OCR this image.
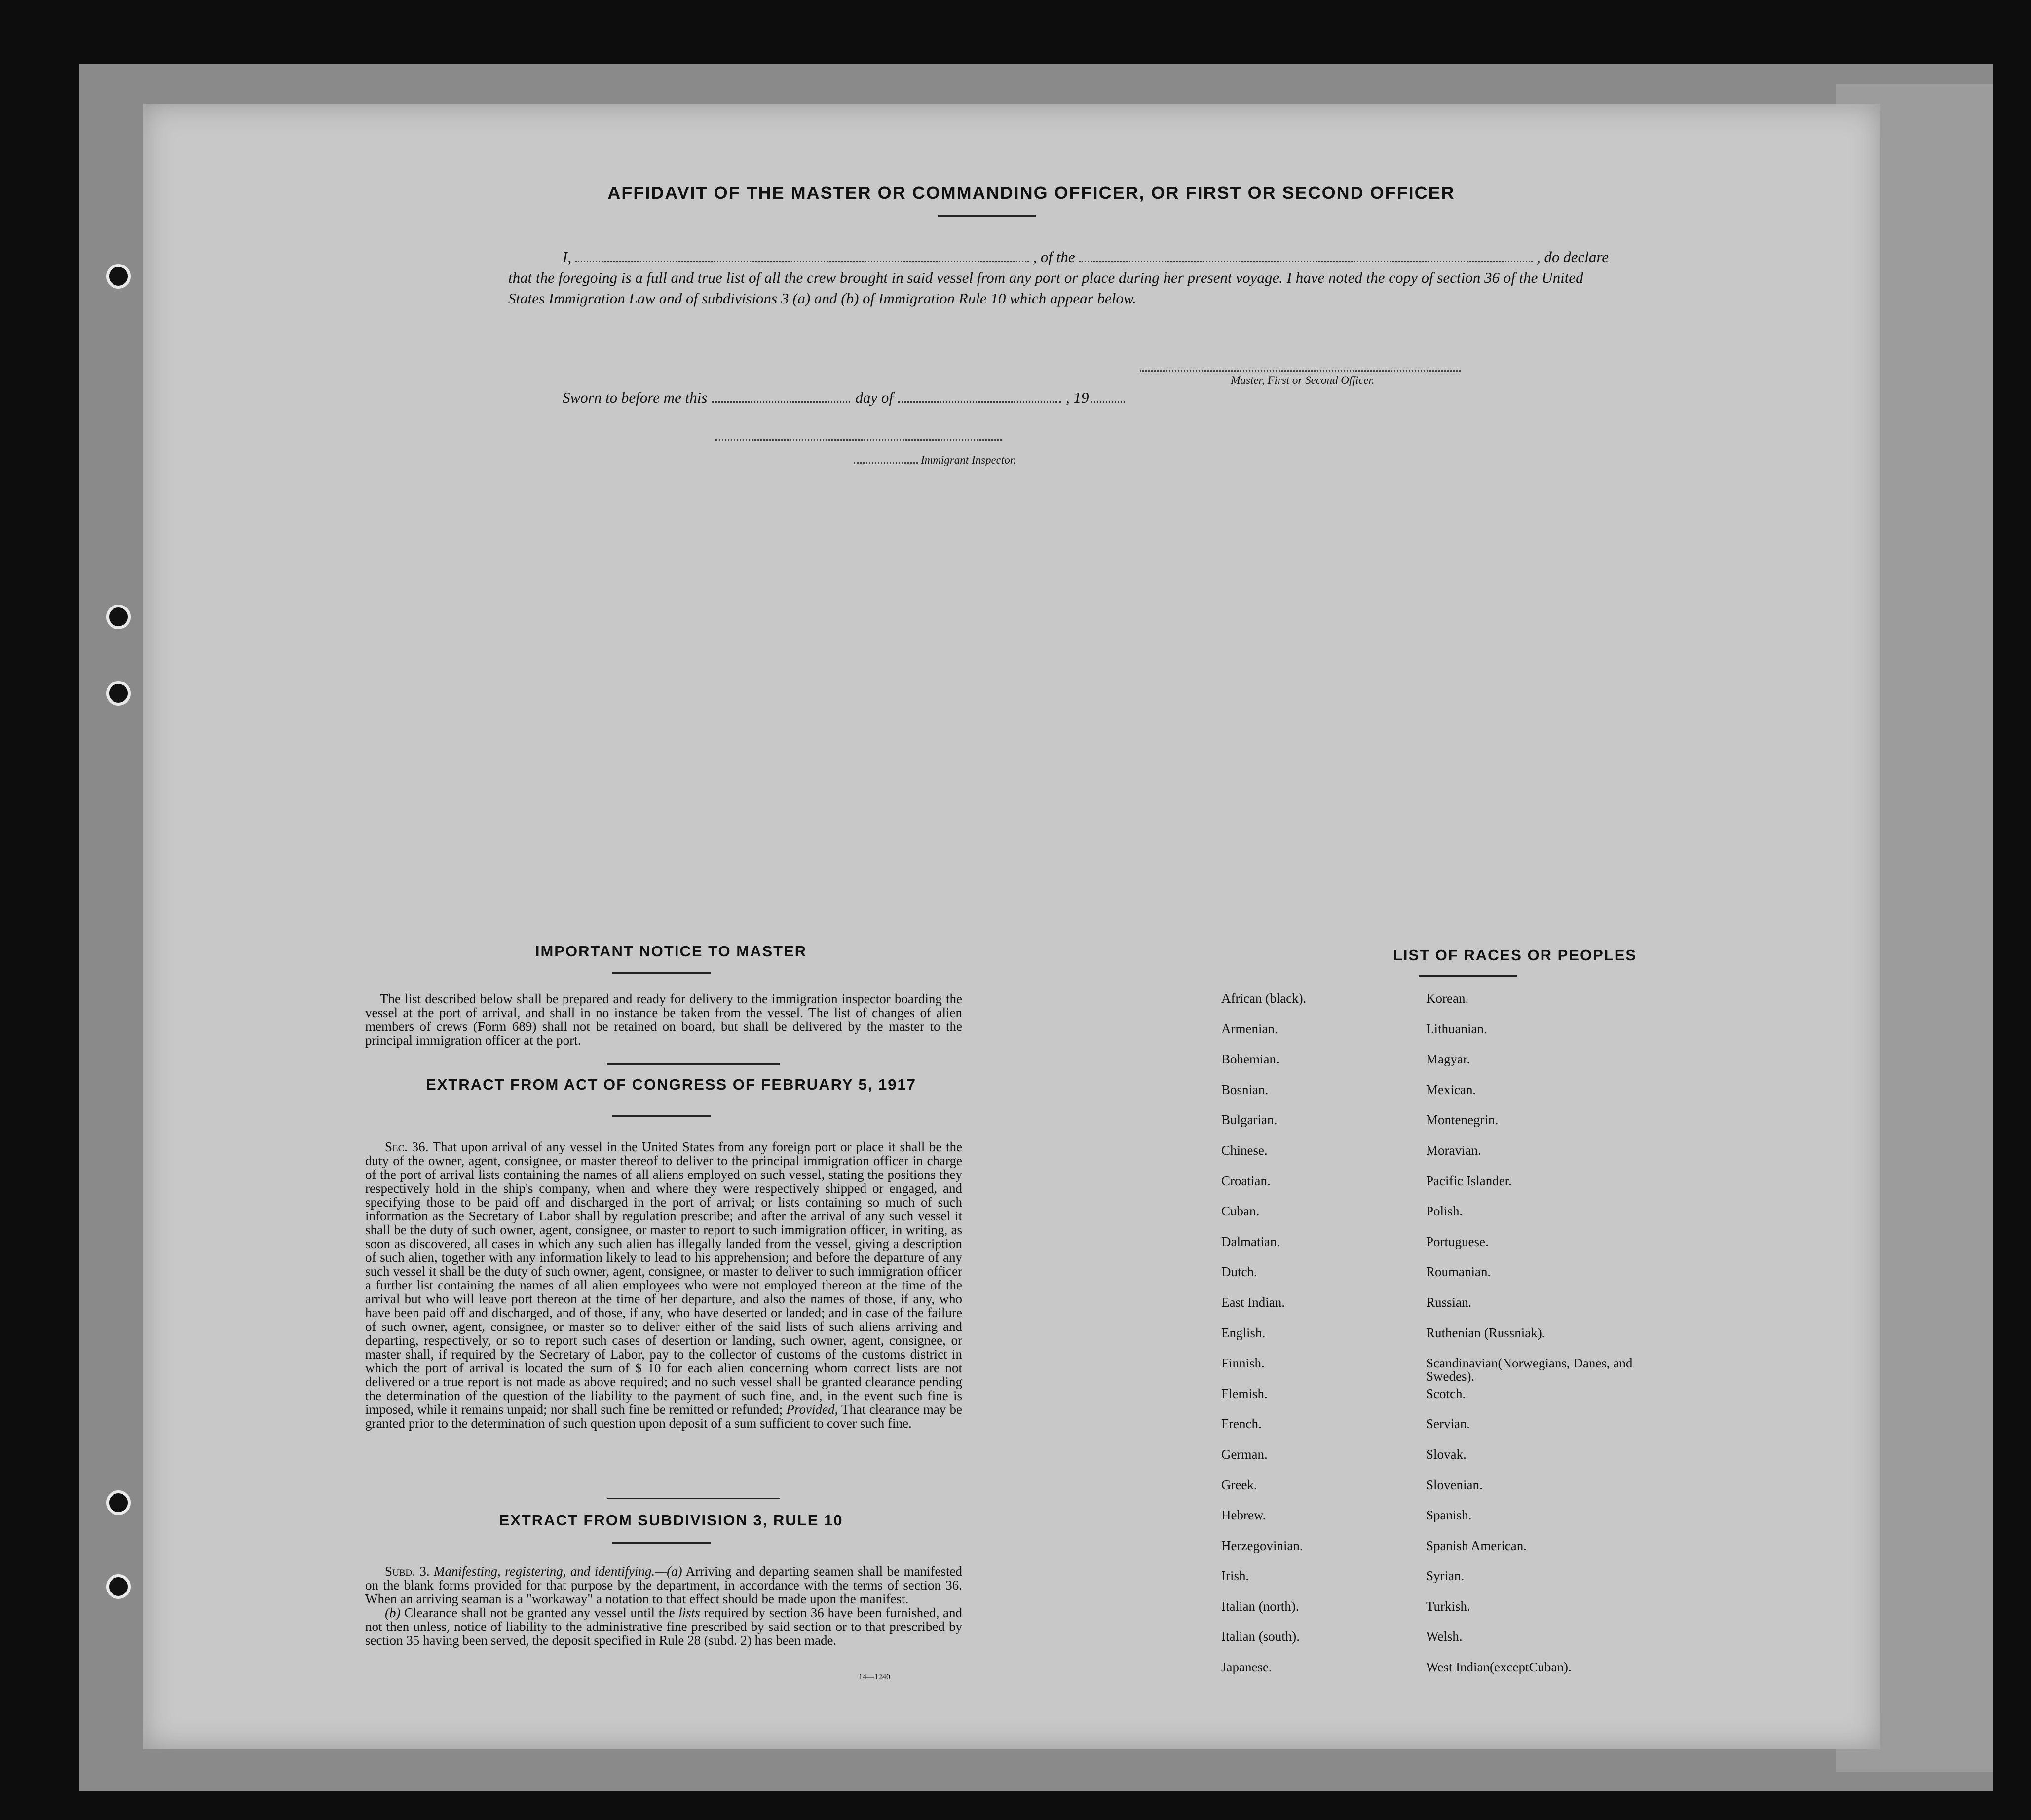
AFFIDAVIT OF THE MASTER OR COMMANDING OFFICER, OR FIRST OR SECOND OFFICER
I,	, of the	, do declare
that the foregoing is a full and true list of all the crew brought in said vessel from any port or place during her present voyage. I have noted the copy of section 36 of the United States Immigration Law and of subdivisions 3 (a) and (b) of Immigration Rule 10 which appear below.
Master, First or Second Officer.
Sworn to before me this	day of	, 19
Immigrant Inspector.
IMPORTANT NOTICE TO MASTER
The list described below shall be prepared and ready for delivery to the immigration inspector boarding the vessel at the port of arrival, and shall in no instance be taken from the vessel. The list of changes of alien members of crews (Form 689) shall not be retained on board, but shall be delivered by the master to the principal immigration officer at the port.
EXTRACT FROM ACT OF CONGRESS OF FEBRUARY 5, 1917
Sec. 36. That upon arrival of any vessel in the United States from any foreign port or place it shall be the duty of the owner, agent, consignee, or master thereof to deliver to the principal immigration officer in charge of the port of arrival lists containing the names of all aliens employed on such vessel, stating the positions they respectively hold in the ship's company, when and where they were respectively shipped or engaged, and specifying those to be paid off and discharged in the port of arrival; or lists containing so much of such information as the Secretary of Labor shall by regulation prescribe; and after the arrival of any such vessel it shall be the duty of such owner, agent, consignee, or master to report to such immigration officer, in writing, as soon as discovered, all cases in which any such alien has illegally landed from the vessel, giving a description of such alien, together with any information likely to lead to his apprehension; and before the departure of any such vessel it shall be the duty of such owner, agent, consignee, or master to deliver to such immigration officer a further list containing the names of all alien employees who were not employed thereon at the time of the arrival but who will leave port thereon at the time of her departure, and also the names of those, if any, who have been paid off and discharged, and of those, if any, who have deserted or landed; and in case of the failure of such owner, agent, consignee, or master so to deliver either of the said lists of such aliens arriving and departing, respectively, or so to report such cases of desertion or landing, such owner, agent, consignee, or master shall, if required by the Secretary of Labor, pay to the collector of customs of the customs district in which the port of arrival is located the sum of $ 10 for each alien concerning whom correct lists are not delivered or a true report is not made as above required; and no such vessel shall be granted clearance pending the determination of the question of the liability to the payment of such fine, and, in the event such fine is imposed, while it remains unpaid; nor shall such fine be remitted or refunded; Provided, That clearance may be granted prior to the determination of such question upon deposit of a sum sufficient to cover such fine.
EXTRACT FROM SUBDIVISION 3, RULE 10
Subd. 3. Manifesting, registering, and identifying.—(a) Arriving and departing seamen shall be manifested on the blank forms provided for that purpose by the department, in accordance with the terms of section 36. When an arriving seaman is a "workaway" a notation to that effect should be made upon the manifest.
(b) Clearance shall not be granted any vessel until the lists required by section 36 have been furnished, and not then unless, notice of liability to the administrative fine prescribed by said section or to that prescribed by section 35 having been served, the deposit specified in Rule 28 (subd. 2) has been made.
14—1240
LIST OF RACES OR PEOPLES
African (black).	Korean.
Armenian.	Lithuanian.
Bohemian.	Magyar.
Bosnian.	Mexican.
Bulgarian.	Montenegrin.
Chinese.	Moravian.
Croatian.	Pacific Islander.
Cuban.	Polish.
Dalmatian.	Portuguese.
Dutch.	Roumanian.
East Indian.	Russian.
English.	Ruthenian (Russniak).
Finnish.	Scandinavian(Norwegians, Danes, and Swedes).
Flemish.	Scotch.
French.	Servian.
German.	Slovak.
Greek.	Slovenian.
Hebrew.	Spanish.
Herzegovinian.	Spanish American.
Irish.	Syrian.
Italian (north).	Turkish.
Italian (south).	Welsh.
Japanese.	West Indian(exceptCuban).
